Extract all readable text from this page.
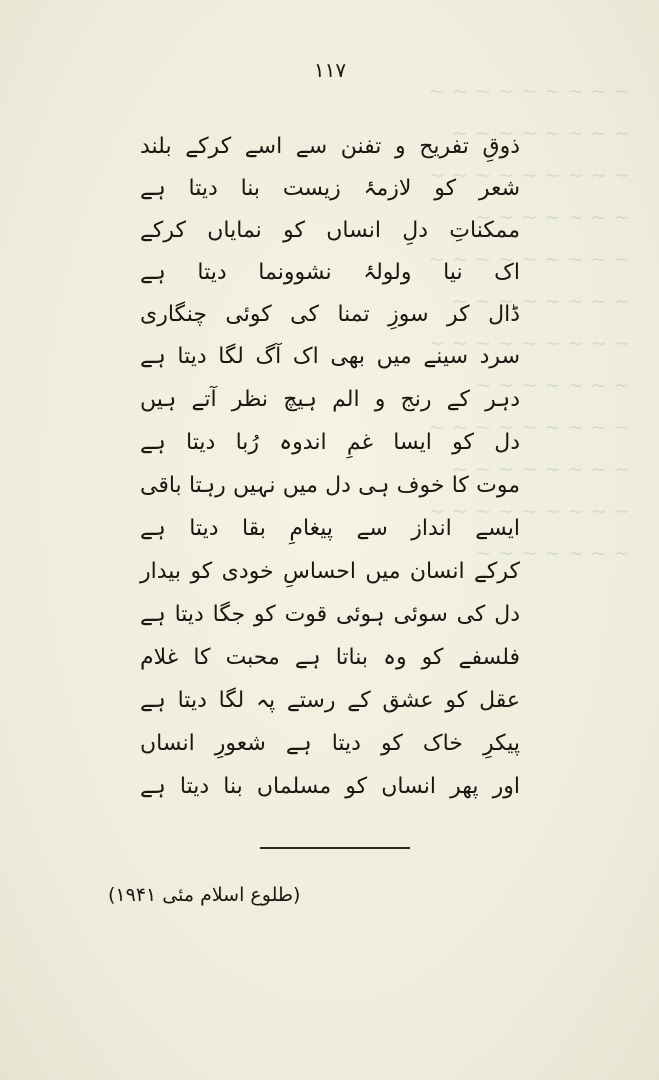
~ ~ ~ ~ ~ ~ ~ ~ ~
~ ~ ~ ~ ~ ~ ~ ~
~ ~ ~ ~ ~ ~ ~ ~ ~
~ ~ ~ ~ ~ ~ ~
~ ~ ~ ~ ~ ~ ~ ~ ~
~ ~ ~ ~ ~ ~ ~ ~
~ ~ ~ ~ ~ ~ ~ ~ ~
~ ~ ~ ~ ~ ~ ~
~ ~ ~ ~ ~ ~ ~ ~ ~
~ ~ ~ ~ ~ ~ ~ ~
~ ~ ~ ~ ~ ~ ~ ~ ~
~ ~ ~ ~ ~ ~ ~
۱۱۷
ذوقِ تفریح و تفنن سے اسے کرکے بلند
شعر کو لازمۂ زیست بنا دیتا ہے
ممکناتِ دلِ انساں کو نمایاں کرکے
اک نیا ولولۂ نشوونما دیتا ہے
ڈال کر سوزِ تمنا کی کوئی چنگاری
سرد سینے میں بھی اک آگ لگا دیتا ہے
دہر کے رنج و الم ہیچ نظر آتے ہیں
دل کو ایسا غمِ اندوہ رُبا دیتا ہے
موت کا خوف ہی دل میں نہیں رہتا باقی
ایسے انداز سے پیغامِ بقا دیتا ہے
کرکے انسان میں احساسِ خودی کو بیدار
دل کی سوئی ہوئی قوت کو جگا دیتا ہے
فلسفے کو وہ بناتا ہے محبت کا غلام
عقل کو عشق کے رستے پہ لگا دیتا ہے
پیکرِ خاک کو دیتا ہے شعورِ انساں
اور پھر انساں کو مسلماں بنا دیتا ہے
(طلوع اسلام مئی ۱۹۴۱)
